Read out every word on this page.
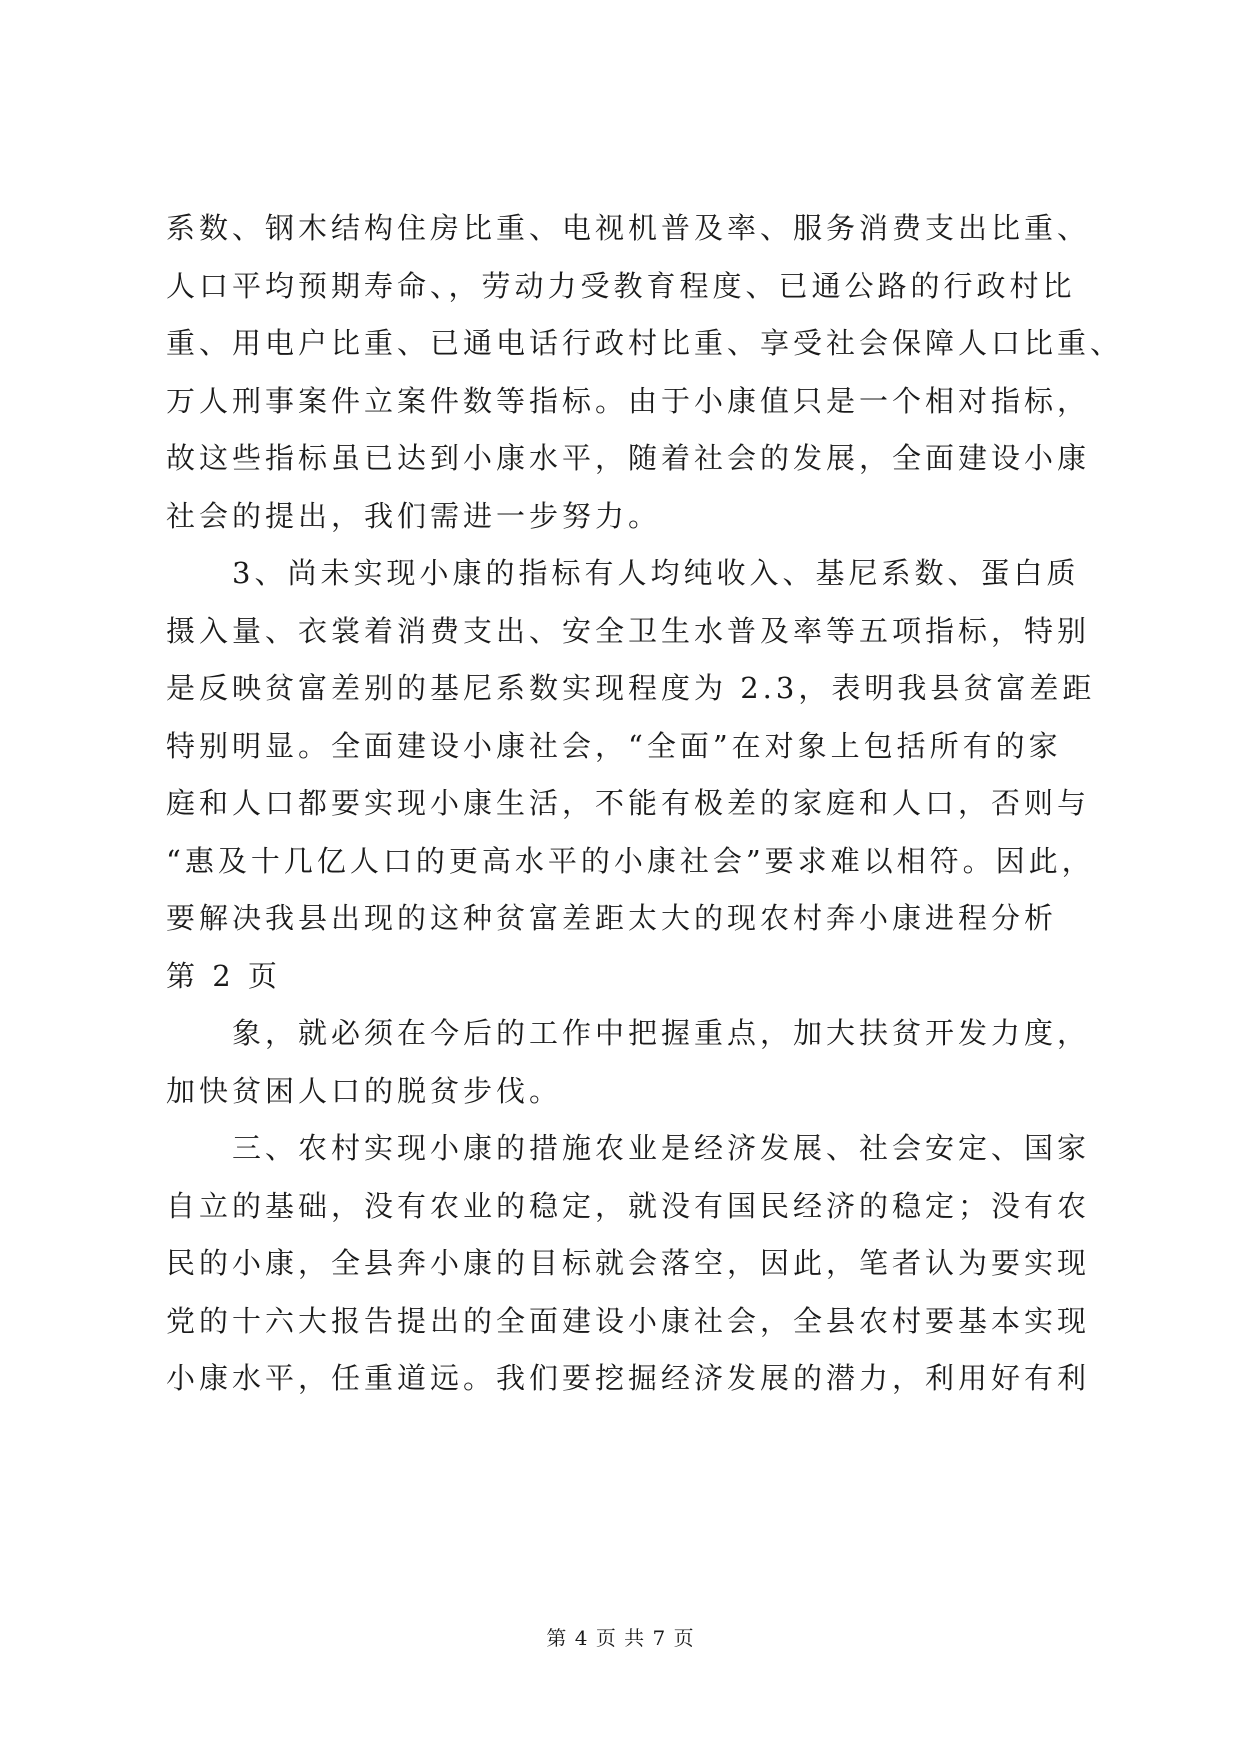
系数、钢木结构住房比重、电视机普及率、服务消费支出比重、
人口平均预期寿命、，劳动力受教育程度、已通公路的行政村比
重、用电户比重、已通电话行政村比重、享受社会保障人口比重、
万人刑事案件立案件数等指标。由于小康值只是一个相对指标，
故这些指标虽已达到小康水平，随着社会的发展，全面建设小康
社会的提出，我们需进一步努力。
3、尚未实现小康的指标有人均纯收入、基尼系数、蛋白质
摄入量、衣裳着消费支出、安全卫生水普及率等五项指标，特别
是反映贫富差别的基尼系数实现程度为 2.3，表明我县贫富差距
特别明显。全面建设小康社会，“全面”在对象上包括所有的家
庭和人口都要实现小康生活，不能有极差的家庭和人口，否则与
“惠及十几亿人口的更高水平的小康社会”要求难以相符。因此，
要解决我县出现的这种贫富差距太大的现农村奔小康进程分析
第 2 页
象，就必须在今后的工作中把握重点，加大扶贫开发力度，
加快贫困人口的脱贫步伐。
三、农村实现小康的措施农业是经济发展、社会安定、国家
自立的基础，没有农业的稳定，就没有国民经济的稳定；没有农
民的小康，全县奔小康的目标就会落空，因此，笔者认为要实现
党的十六大报告提出的全面建设小康社会，全县农村要基本实现
小康水平，任重道远。我们要挖掘经济发展的潜力，利用好有利
第 4 页 共 7 页
